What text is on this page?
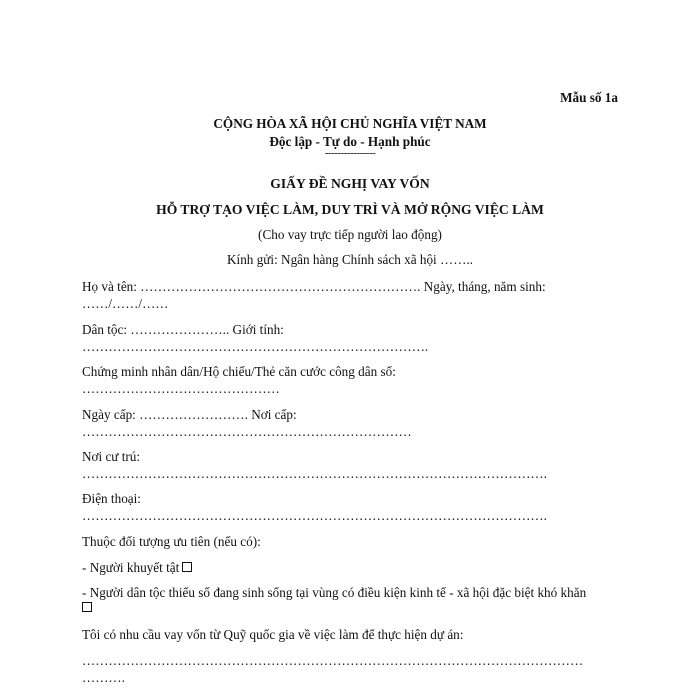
Mẫu số 1a
CỘNG HÒA XÃ HỘI CHỦ NGHĨA VIỆT NAM
Độc lập - Tự do - Hạnh phúc
----------------
GIẤY ĐỀ NGHỊ VAY VỐN
HỖ TRỢ TẠO VIỆC LÀM, DUY TRÌ VÀ MỞ RỘNG VIỆC LÀM
(Cho vay trực tiếp người lao động)
Kính gửi: Ngân hàng Chính sách xã hội ……..
Họ và tên: ………………………………………………………. Ngày, tháng, năm sinh:
……/……/……
Dân tộc: ………………….. Giới tính:
…………………………………………………………………….
Chứng minh nhân dân/Hộ chiếu/Thẻ căn cước công dân số:
………………………………………
Ngày cấp: ……………………. Nơi cấp:
…………………………………………………………………
Nơi cư trú:
…………………………………………………………………………………………….
Điện thoại:
…………………………………………………………………………………………….
Thuộc đối tượng ưu tiên (nếu có):
- Người khuyết tật
- Người dân tộc thiểu số đang sinh sống tại vùng có điều kiện kinh tế - xã hội đặc biệt khó khăn
Tôi có nhu cầu vay vốn từ Quỹ quốc gia về việc làm để thực hiện dự án:
……………………………………………………………………………………………………
……….
